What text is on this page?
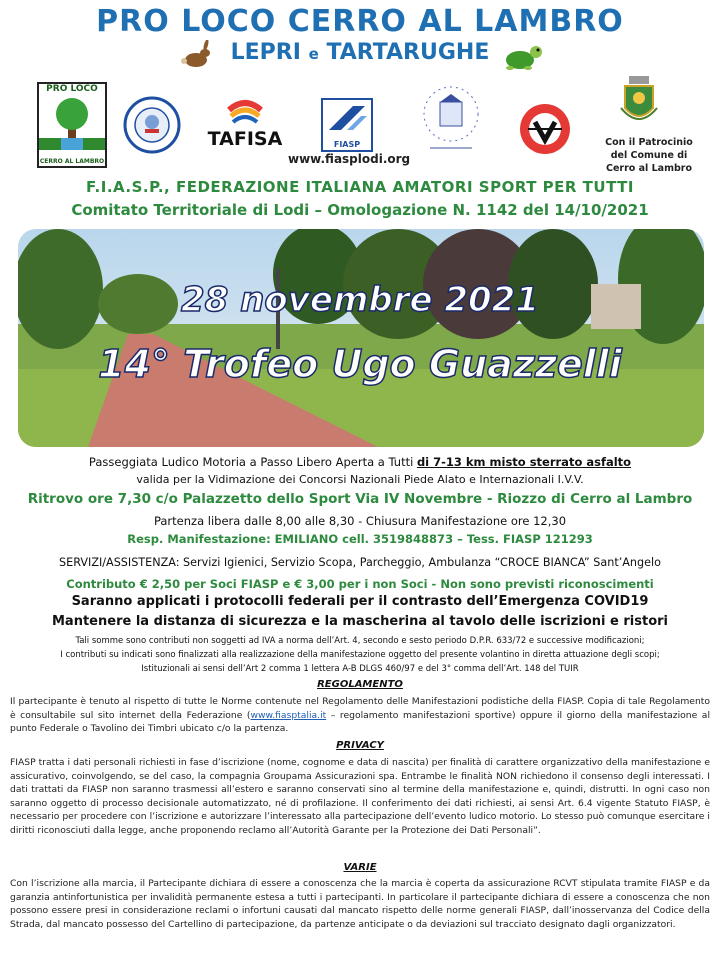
PRO LOCO CERRO AL LAMBRO
LEPRI e TARTARUGHE
PRO LOCO
CERRO AL LAMBRO
TAFISA	FIASP
www.fiasplodi.org
Con il Patrocinio del Comune di Cerro al Lambro
F.I.A.S.P., FEDERAZIONE ITALIANA AMATORI SPORT PER TUTTI
Comitato Territoriale di Lodi – Omologazione N. 1142 del 14/10/2021
28 novembre 2021
14° Trofeo Ugo Guazzelli
Passeggiata Ludico Motoria a Passo Libero Aperta a Tutti di 7-13 km misto sterrato asfalto
valida per la Vidimazione dei Concorsi Nazionali Piede Alato e Internazionali I.V.V.
Ritrovo ore 7,30 c/o Palazzetto dello Sport Via IV Novembre - Riozzo di Cerro al Lambro
Partenza libera dalle 8,00 alle 8,30 - Chiusura Manifestazione ore 12,30
Resp. Manifestazione: EMILIANO cell. 3519848873 – Tess. FIASP 121293
SERVIZI/ASSISTENZA: Servizi Igienici, Servizio Scopa, Parcheggio, Ambulanza “CROCE BIANCA” Sant’Angelo
Contributo € 2,50 per Soci FIASP e € 3,00 per i non Soci - Non sono previsti riconoscimenti
Saranno applicati i protocolli federali per il contrasto dell’Emergenza COVID19
Mantenere la distanza di sicurezza e la mascherina al tavolo delle iscrizioni e ristori
Tali somme sono contributi non soggetti ad IVA a norma dell’Art. 4, secondo e sesto periodo D.P.R. 633/72 e successive modificazioni;
I contributi su indicati sono finalizzati alla realizzazione della manifestazione oggetto del presente volantino in diretta attuazione degli scopi;
Istituzionali ai sensi dell’Art 2 comma 1 lettera A-B DLGS 460/97 e del 3° comma dell’Art. 148 del TUIR
REGOLAMENTO
Il partecipante è tenuto al rispetto di tutte le Norme contenute nel Regolamento delle Manifestazioni podistiche della FIASP. Copia di tale Regolamento è consultabile sul sito internet della Federazione (www.fiasptalia.it – regolamento manifestazioni sportive) oppure il giorno della manifestazione al punto Federale o Tavolino dei Timbri ubicato c/o la partenza.
PRIVACY
FIASP tratta i dati personali richiesti in fase d’iscrizione (nome, cognome e data di nascita) per finalità di carattere organizzativo della manifestazione e assicurativo, coinvolgendo, se del caso, la compagnia Groupama Assicurazioni spa. Entrambe le finalità NON richiedono il consenso degli interessati. I dati trattati da FIASP non saranno trasmessi all’estero e saranno conservati sino al termine della manifestazione e, quindi, distrutti. In ogni caso non saranno oggetto di processo decisionale automatizzato, né di profilazione. Il conferimento dei dati richiesti, ai sensi Art. 6.4 vigente Statuto FIASP, è necessario per procedere con l’iscrizione e autorizzare l’interessato alla partecipazione dell’evento ludico motorio. Lo stesso può comunque esercitare i diritti riconosciuti dalla legge, anche proponendo reclamo all’Autorità Garante per la Protezione dei Dati Personali”.
VARIE
Con l’iscrizione alla marcia, il Partecipante dichiara di essere a conoscenza che la marcia è coperta da assicurazione RCVT stipulata tramite FIASP e da garanzia antinfortunistica per invalidità permanente estesa a tutti i partecipanti. In particolare il partecipante dichiara di essere a conoscenza che non possono essere presi in considerazione reclami o infortuni causati dal mancato rispetto delle norme generali FIASP, dall’inosservanza del Codice della Strada, dal mancato possesso del Cartellino di partecipazione, da partenze anticipate o da deviazioni sul tracciato designato dagli organizzatori.
